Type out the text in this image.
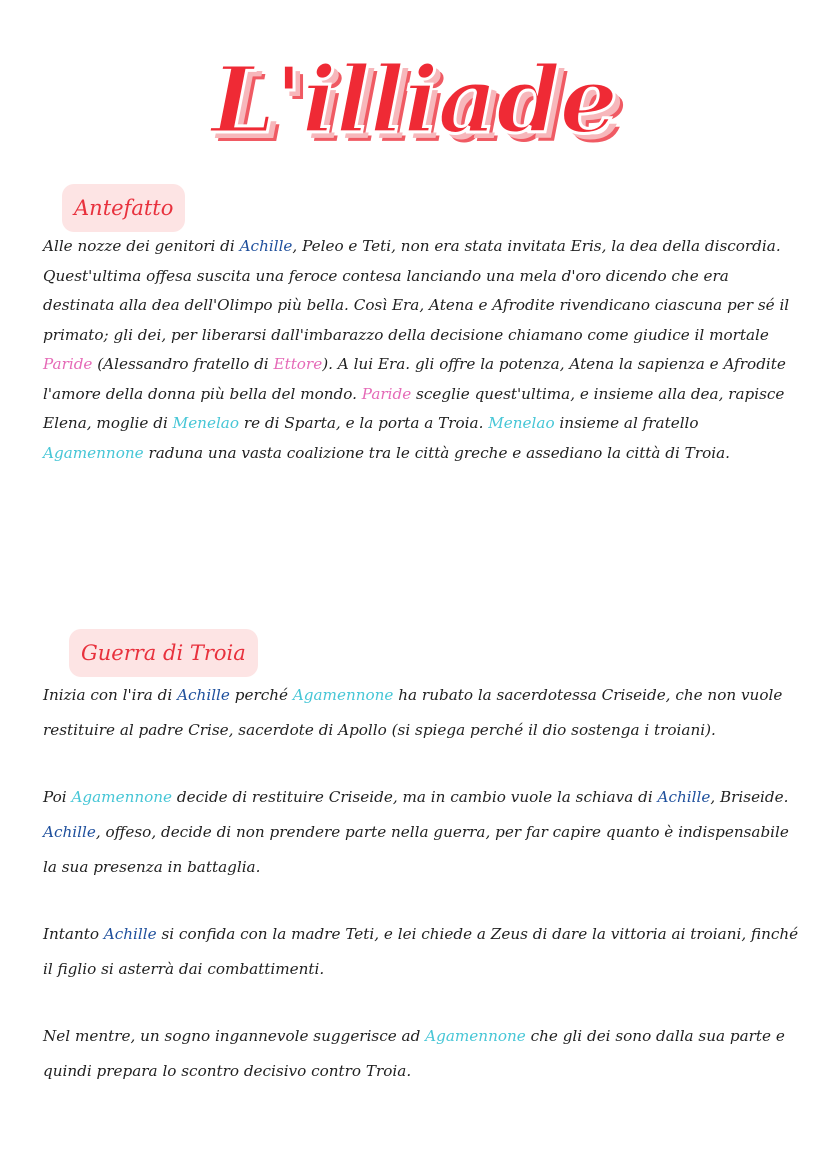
L'illiade
Antefatto

Alle nozze dei genitori di Achille, Peleo e Teti, non era stata invitata Eris, la dea della discordia. Quest'ultima offesa suscita una feroce contesa lanciando una mela d'oro dicendo che era destinata alla dea dell'Olimpo più bella. Così Era, Atena e Afrodite rivendicano ciascuna per sé il primato; gli dei, per liberarsi dall'imbarazzo della decisione chiamano come giudice il mortale Paride (Alessandro fratello di Ettore). A lui Era. gli offre la potenza, Atena la sapienza e Afrodite l'amore della donna più bella del mondo. Paride sceglie quest'ultima, e insieme alla dea, rapisce Elena, moglie di Menelao re di Sparta, e la porta a Troia. Menelao insieme al fratello Agamennone raduna una vasta coalizione tra le città greche e assediano la città di Troia.

Guerra di Troia
Inizia con l'ira di Achille perché Agamennone ha rubato la sacerdotessa Criseide, che non vuole restituire al padre Crise, sacerdote di Apollo (si spiega perché il dio sostenga i troiani).
Poi Agamennone decide di restituire Criseide, ma in cambio vuole la schiava di Achille, Briseide. Achille, offeso, decide di non prendere parte nella guerra, per far capire quanto è indispensabile la sua presenza in battaglia.
Intanto Achille si confida con la madre Teti, e lei chiede a Zeus di dare la vittoria ai troiani, finché il figlio si asterrà dai combattimenti.
Nel mentre, un sogno ingannevole suggerisce ad Agamennone che gli dei sono dalla sua parte e quindi prepara lo scontro decisivo contro Troia.
